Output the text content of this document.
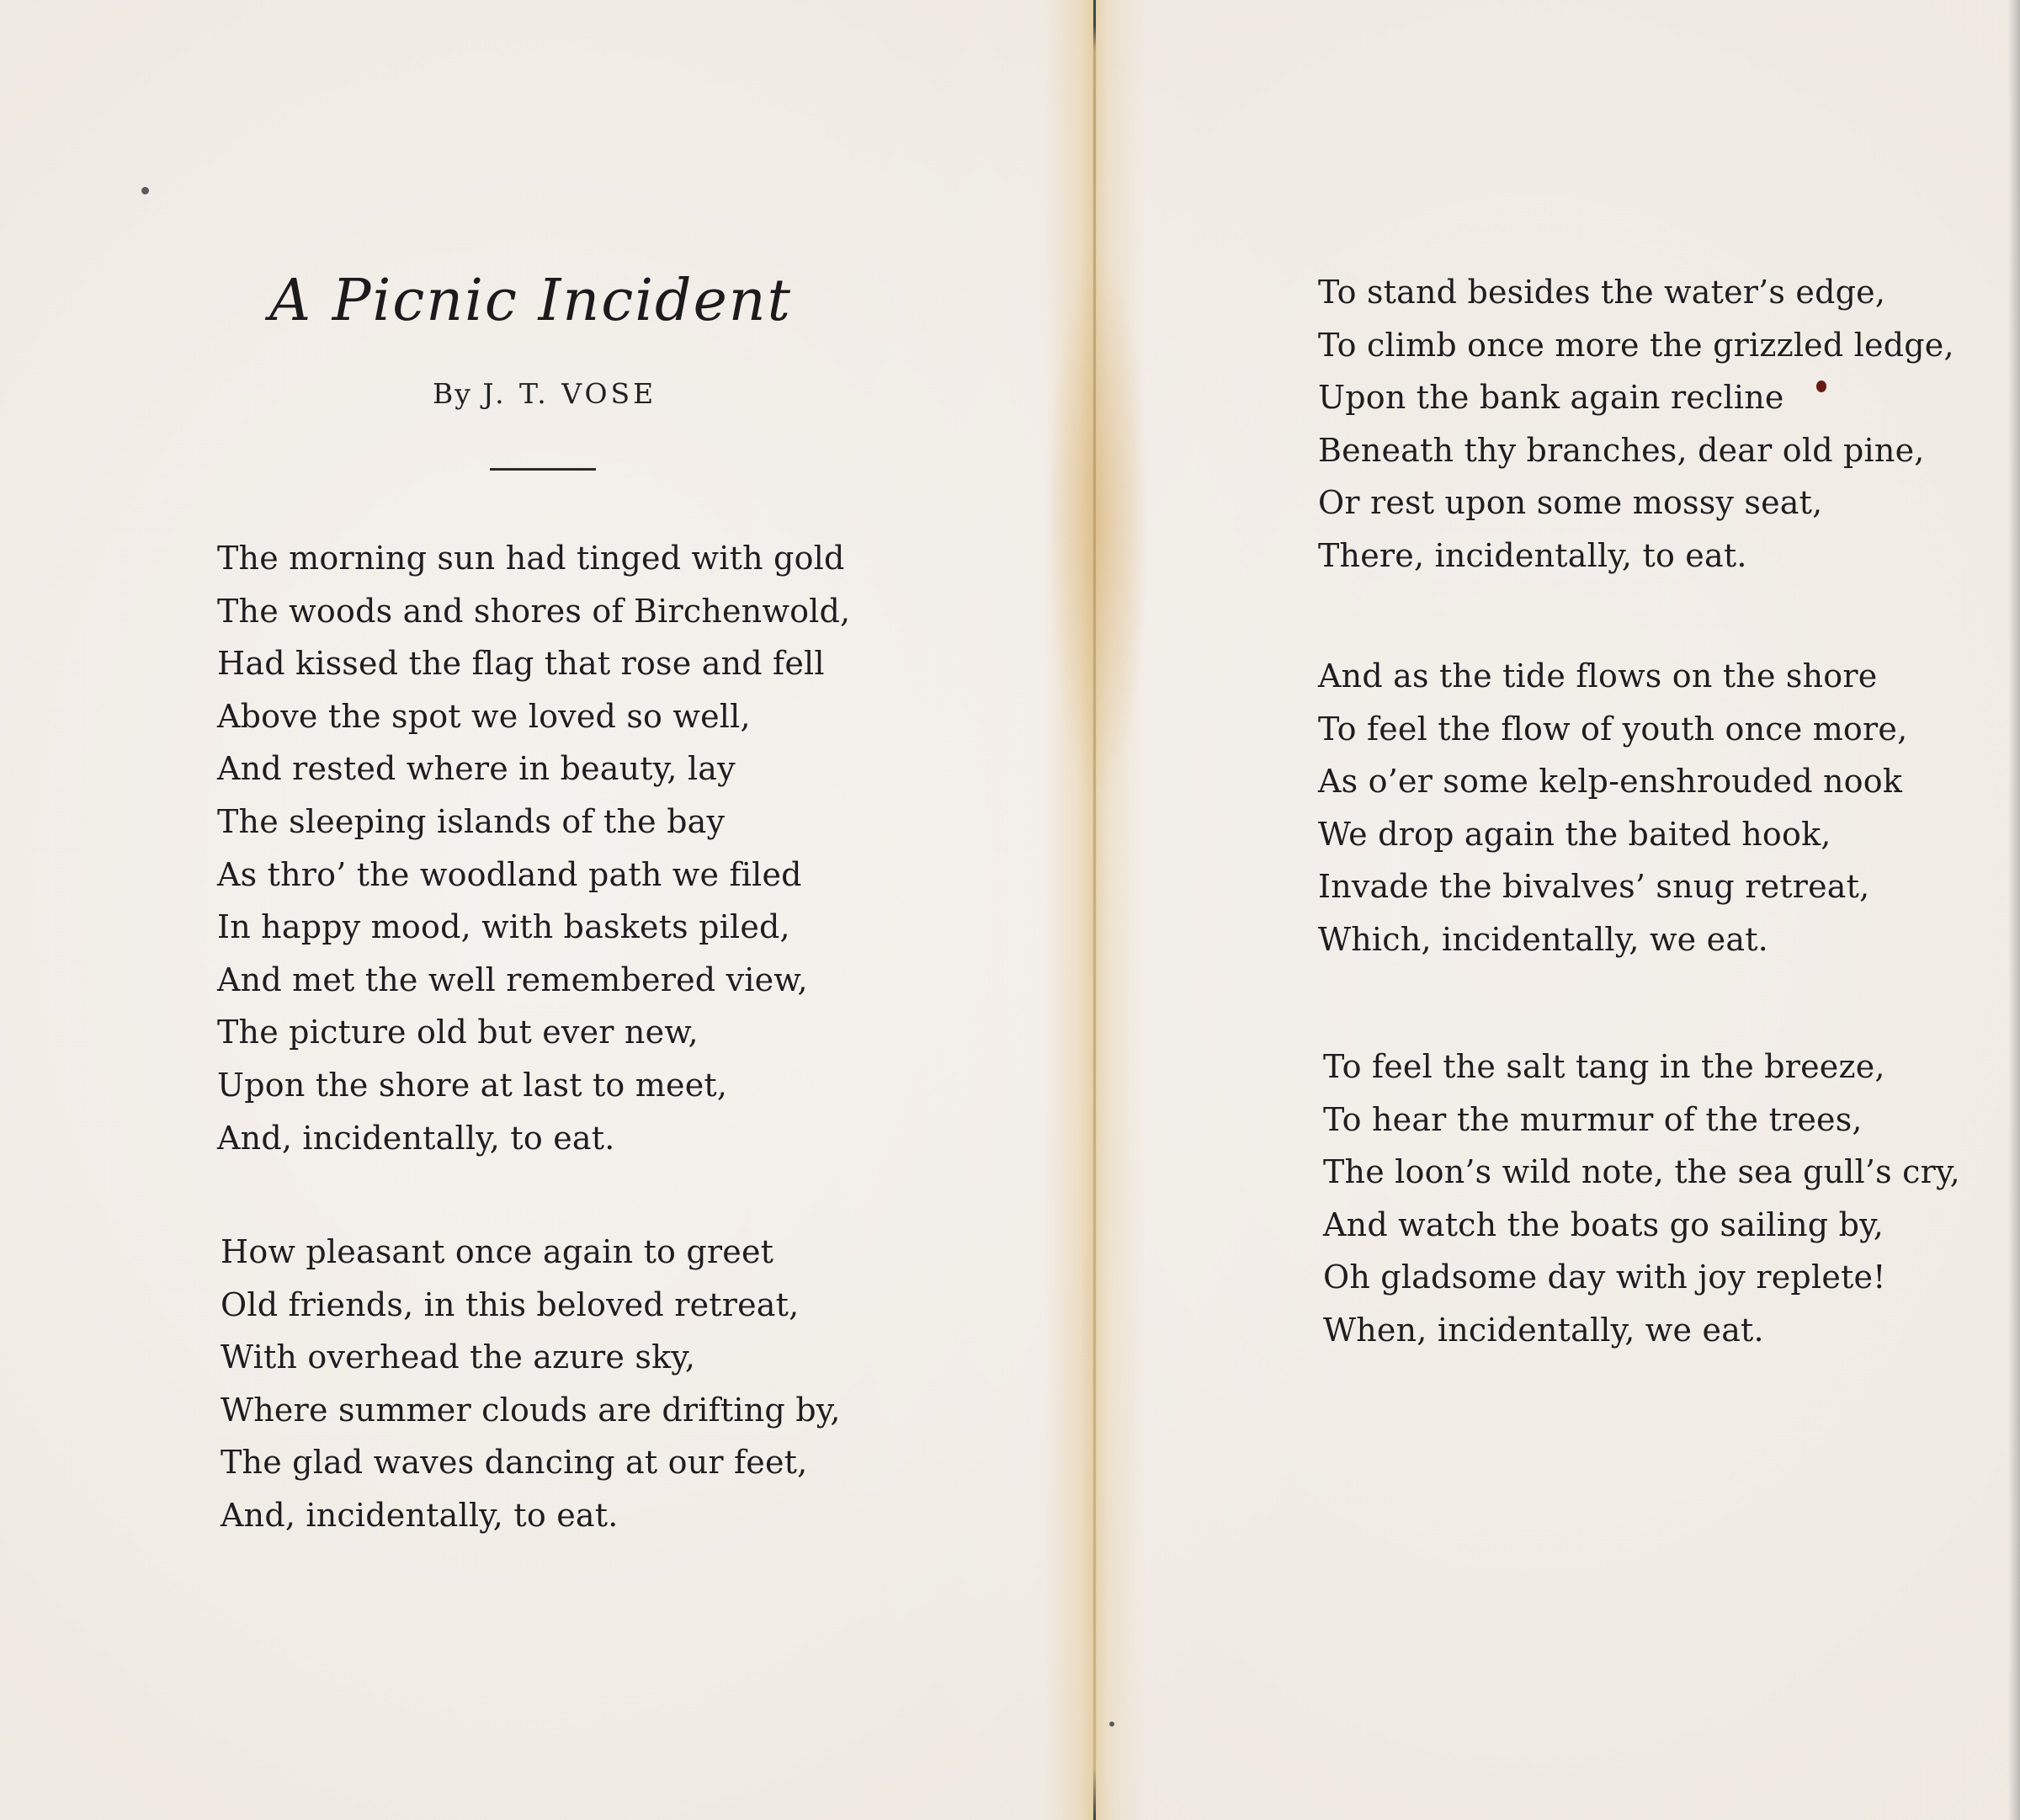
A Picnic Incident
By J. T. VOSE
The morning sun had tinged with gold
The woods and shores of Birchenwold,
Had kissed the flag that rose and fell
Above the spot we loved so well,
And rested where in beauty, lay
The sleeping islands of the bay
As thro’ the woodland path we filed
In happy mood, with baskets piled,
And met the well remembered view,
The picture old but ever new,
Upon the shore at last to meet,
And, incidentally, to eat.
How pleasant once again to greet
Old friends, in this beloved retreat,
With overhead the azure sky,
Where summer clouds are drifting by,
The glad waves dancing at our feet,
And, incidentally, to eat.
To stand besides the water’s edge,
To climb once more the grizzled ledge,
Upon the bank again recline
Beneath thy branches, dear old pine,
Or rest upon some mossy seat,
There, incidentally, to eat.
And as the tide flows on the shore
To feel the flow of youth once more,
As o’er some kelp-enshrouded nook
We drop again the baited hook,
Invade the bivalves’ snug retreat,
Which, incidentally, we eat.
To feel the salt tang in the breeze,
To hear the murmur of the trees,
The loon’s wild note, the sea gull’s cry,
And watch the boats go sailing by,
Oh gladsome day with joy replete!
When, incidentally, we eat.
